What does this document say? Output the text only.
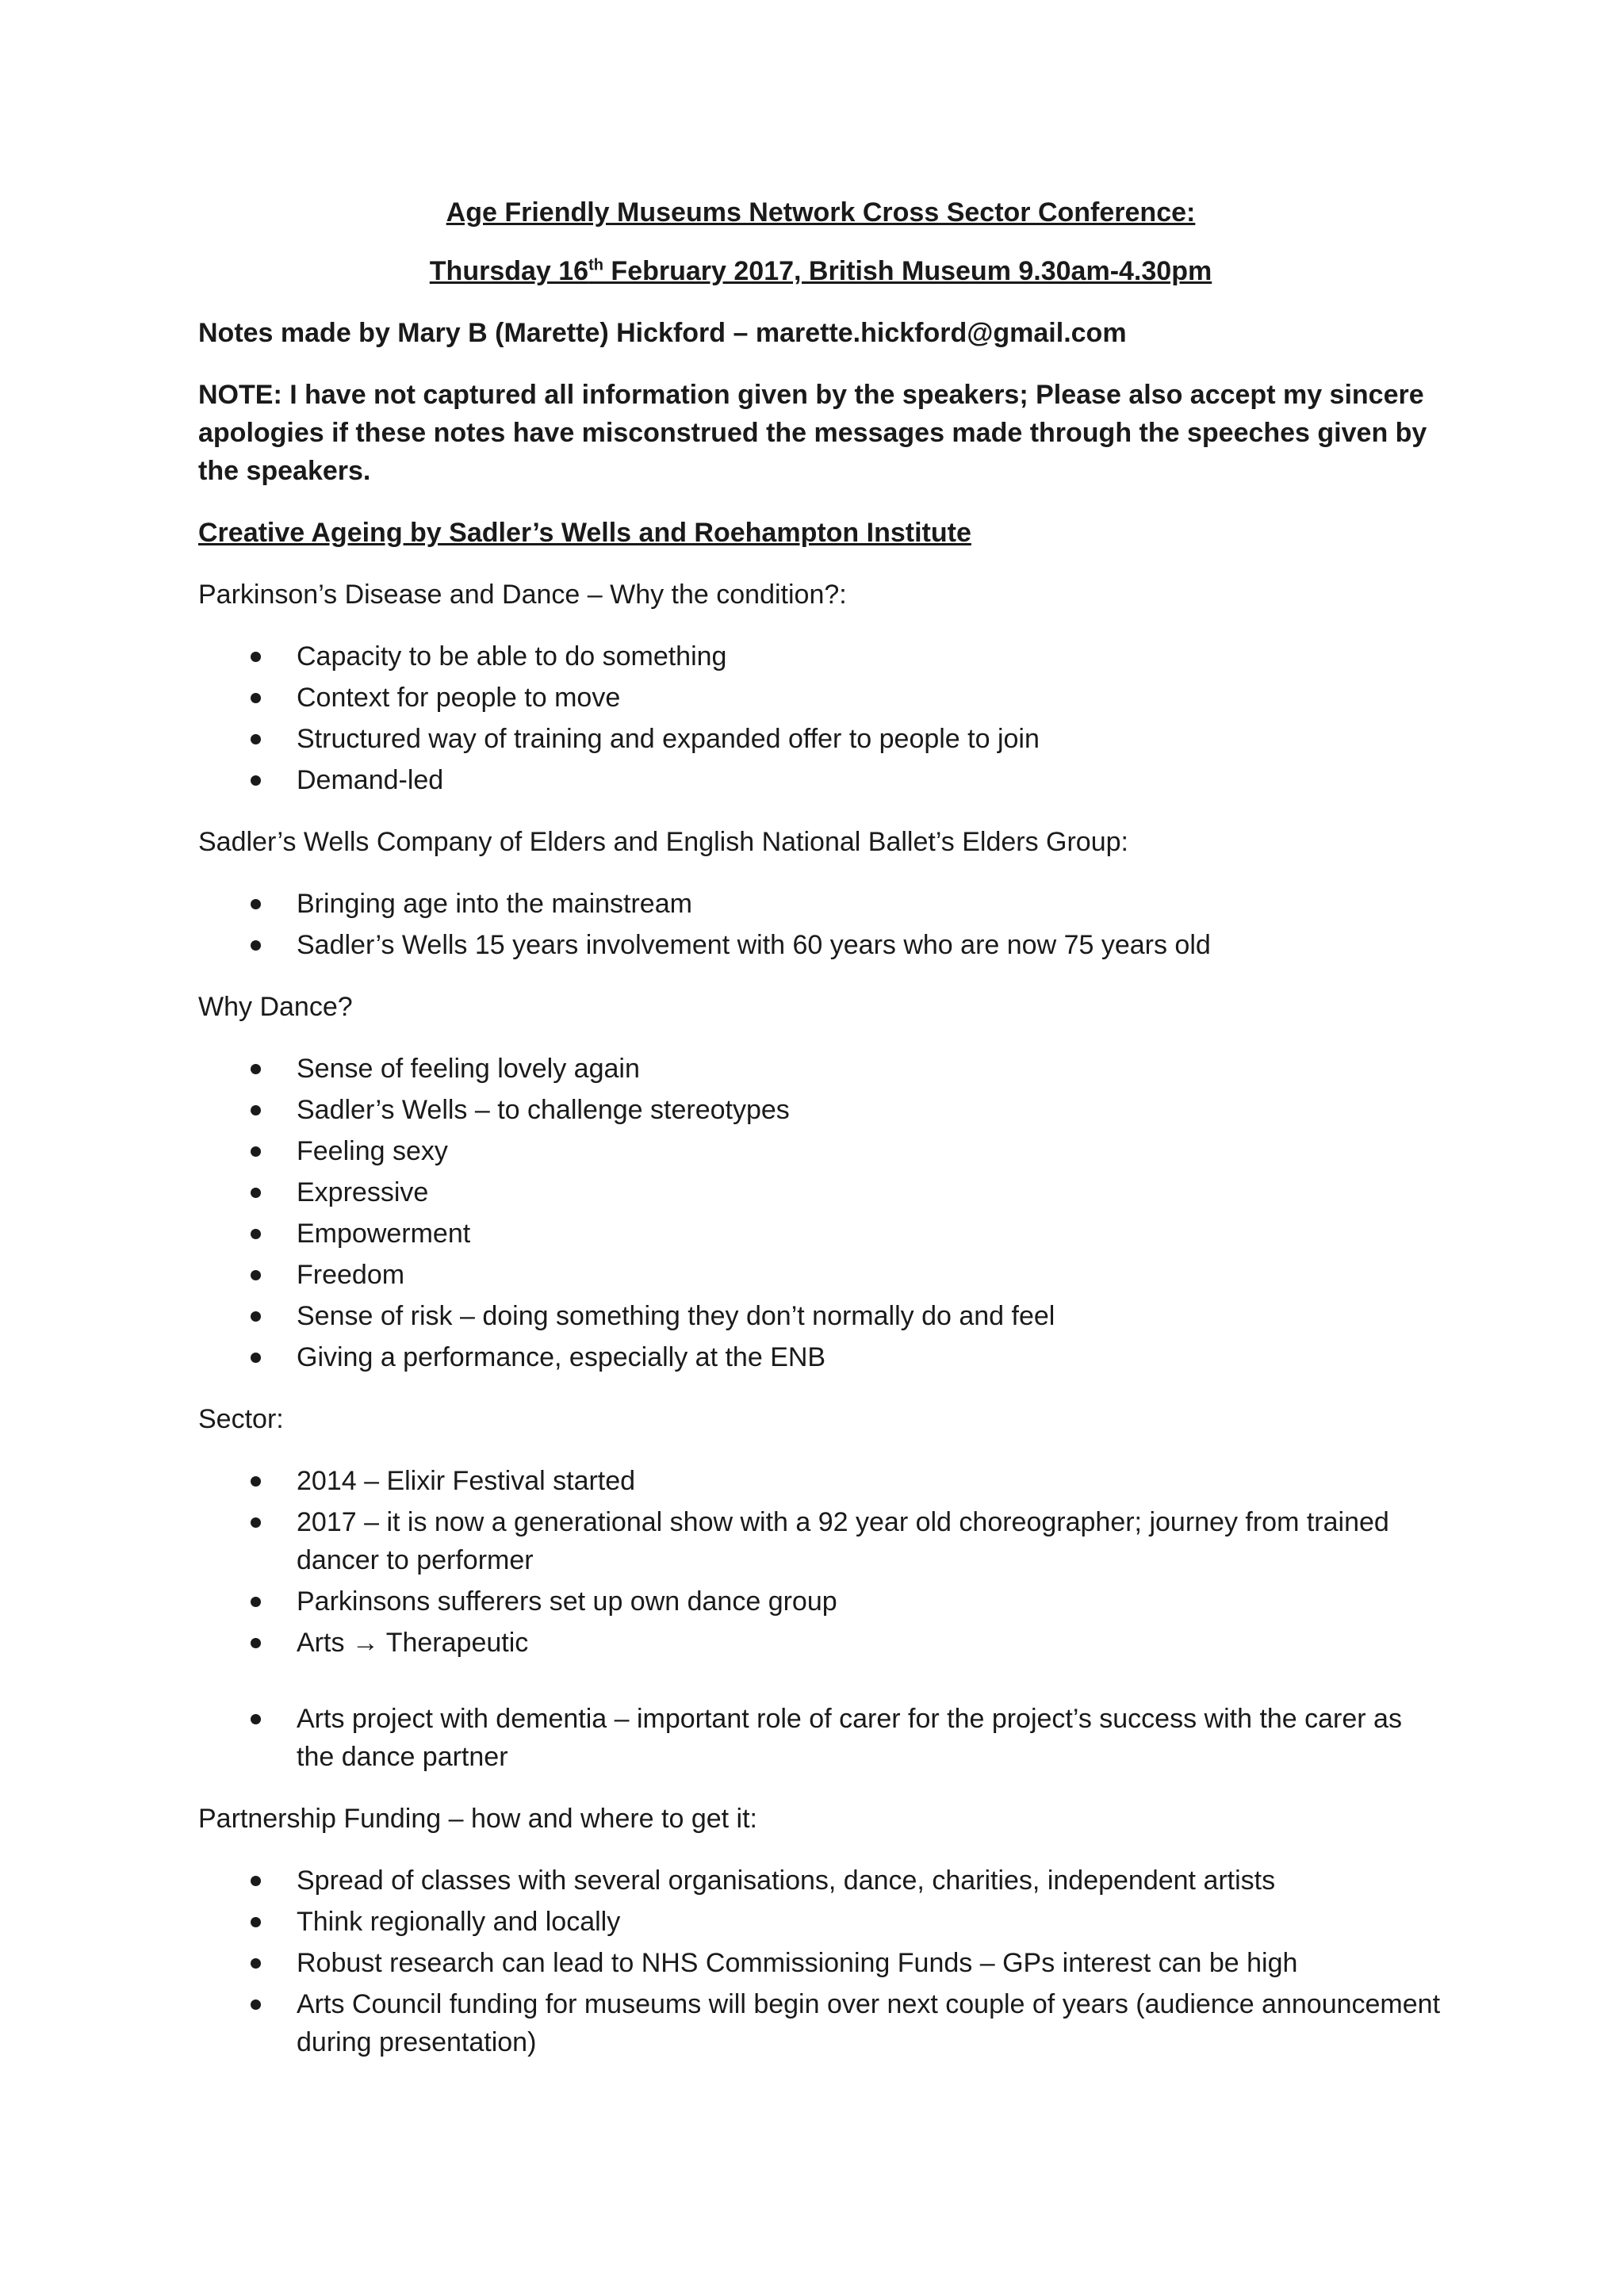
Age Friendly Museums Network Cross Sector Conference:

Thursday 16th February 2017, British Museum 9.30am-4.30pm

Notes made by Mary B (Marette) Hickford – marette.hickford@gmail.com

NOTE: I have not captured all information given by the speakers; Please also accept my sincere apologies if these notes have misconstrued the messages made through the speeches given by the speakers.

Creative Ageing by Sadler’s Wells and Roehampton Institute

Parkinson’s Disease and Dance – Why the condition?:

Capacity to be able to do something
Context for people to move
Structured way of training and expanded offer to people to join
Demand-led

Sadler’s Wells Company of Elders and English National Ballet’s Elders Group:

Bringing age into the mainstream
Sadler’s Wells 15 years involvement with 60 years who are now 75 years old

Why Dance?

Sense of feeling lovely again
Sadler’s Wells – to challenge stereotypes
Feeling sexy
Expressive
Empowerment
Freedom
Sense of risk – doing something they don’t normally do and feel
Giving a performance, especially at the ENB

Sector:

2014 – Elixir Festival started
2017 – it is now a generational show with a 92 year old choreographer; journey from trained dancer to performer
Parkinsons sufferers set up own dance group
Arts → Therapeutic
Arts project with dementia – important role of carer for the project’s success with the carer as the dance partner

Partnership Funding – how and where to get it:

Spread of classes with several organisations, dance, charities, independent artists
Think regionally and locally
Robust research can lead to NHS Commissioning Funds – GPs interest can be high
Arts Council funding for museums will begin over next couple of years (audience announcement during presentation)
